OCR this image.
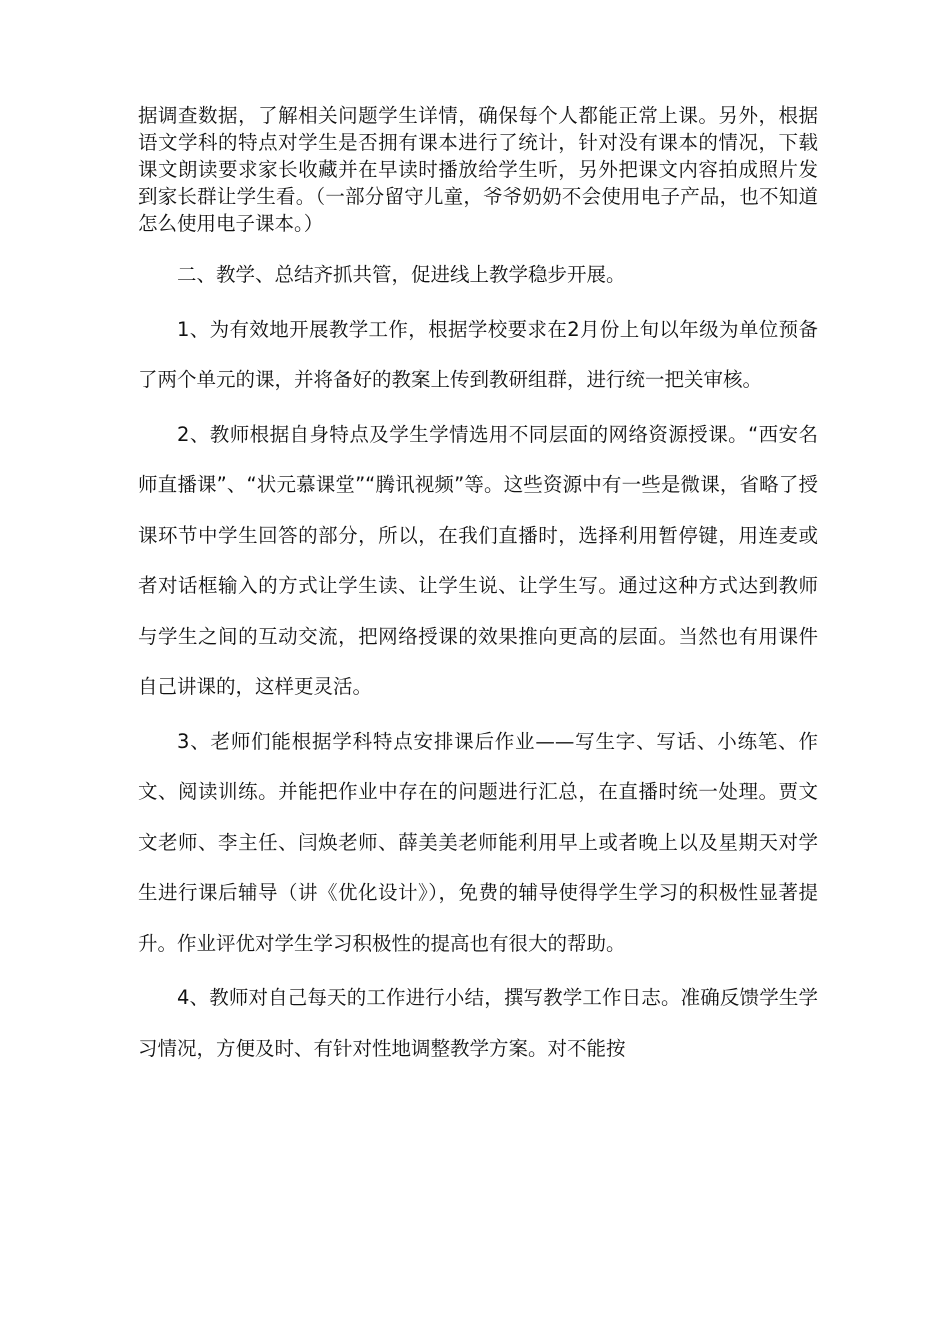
据调查数据，了解相关问题学生详情，确保每个人都能正常上课。另外，根据语文学科的特点对学生是否拥有课本进行了统计，针对没有课本的情况，下载课文朗读要求家长收藏并在早读时播放给学生听，另外把课文内容拍成照片发到家长群让学生看。（一部分留守儿童，爷爷奶奶不会使用电子产品，也不知道怎么使用电子课本。）

二、教学、总结齐抓共管，促进线上教学稳步开展。

1、为有效地开展教学工作，根据学校要求在2月份上旬以年级为单位预备了两个单元的课，并将备好的教案上传到教研组群，进行统一把关审核。

2、教师根据自身特点及学生学情选用不同层面的网络资源授课。“西安名师直播课”、“状元慕课堂”“腾讯视频”等。这些资源中有一些是微课，省略了授课环节中学生回答的部分，所以，在我们直播时，选择利用暂停键，用连麦或者对话框输入的方式让学生读、让学生说、让学生写。通过这种方式达到教师与学生之间的互动交流，把网络授课的效果推向更高的层面。当然也有用课件自己讲课的，这样更灵活。

3、老师们能根据学科特点安排课后作业——写生字、写话、小练笔、作文、阅读训练。并能把作业中存在的问题进行汇总，在直播时统一处理。贾文文老师、李主任、闫焕老师、薛美美老师能利用早上或者晚上以及星期天对学生进行课后辅导（讲《优化设计》），免费的辅导使得学生学习的积极性显著提升。作业评优对学生学习积极性的提高也有很大的帮助。

4、教师对自己每天的工作进行小结，撰写教学工作日志。准确反馈学生学习情况，方便及时、有针对性地调整教学方案。对不能按
